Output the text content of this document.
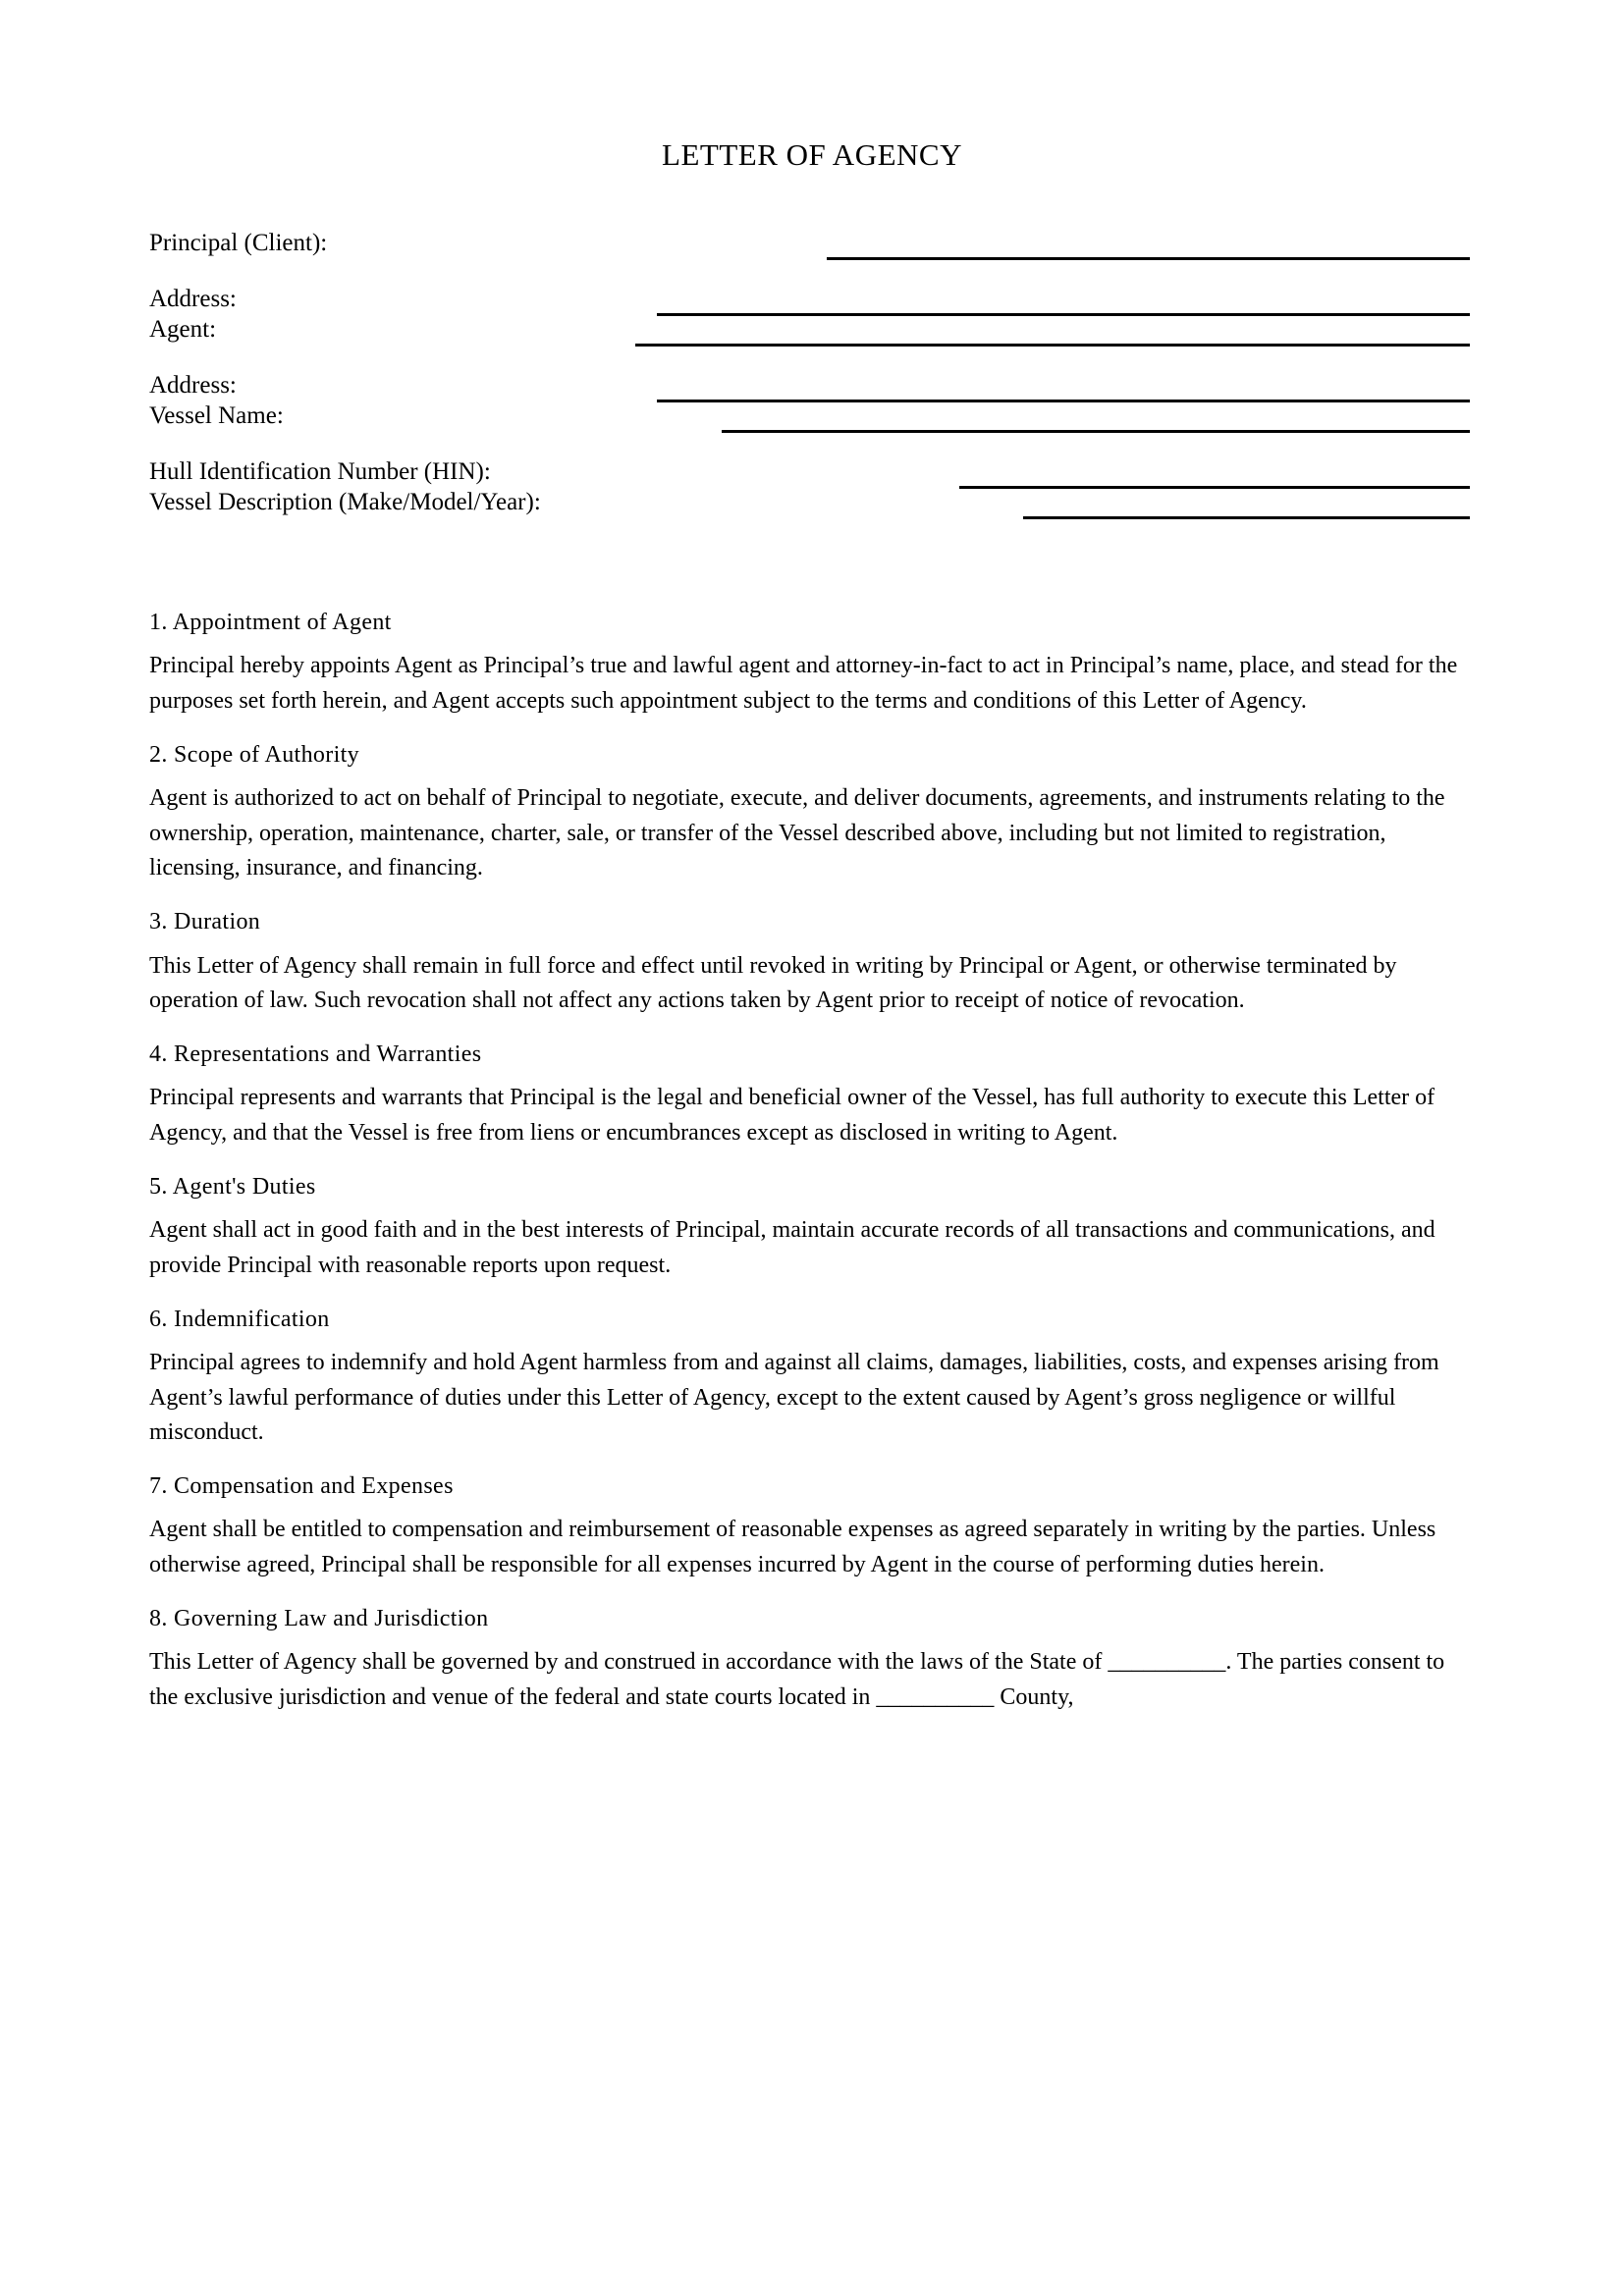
LETTER OF AGENCY
Principal (Client):
Address:
Agent:
Address:
Vessel Name:
Hull Identification Number (HIN):
Vessel Description (Make/Model/Year):
1. Appointment of Agent

Principal hereby appoints Agent as Principal’s true and lawful agent and attorney-in-fact to act in Principal’s name, place, and stead for the purposes set forth herein, and Agent accepts such appointment subject to the terms and conditions of this Letter of Agency.

2. Scope of Authority

Agent is authorized to act on behalf of Principal to negotiate, execute, and deliver documents, agreements, and instruments relating to the ownership, operation, maintenance, charter, sale, or transfer of the Vessel described above, including but not limited to registration, licensing, insurance, and financing.

3. Duration

This Letter of Agency shall remain in full force and effect until revoked in writing by Principal or Agent, or otherwise terminated by operation of law. Such revocation shall not affect any actions taken by Agent prior to receipt of notice of revocation.

4. Representations and Warranties

Principal represents and warrants that Principal is the legal and beneficial owner of the Vessel, has full authority to execute this Letter of Agency, and that the Vessel is free from liens or encumbrances except as disclosed in writing to Agent.

5. Agent's Duties

Agent shall act in good faith and in the best interests of Principal, maintain accurate records of all transactions and communications, and provide Principal with reasonable reports upon request.

6. Indemnification

Principal agrees to indemnify and hold Agent harmless from and against all claims, damages, liabilities, costs, and expenses arising from Agent’s lawful performance of duties under this Letter of Agency, except to the extent caused by Agent’s gross negligence or willful misconduct.

7. Compensation and Expenses

Agent shall be entitled to compensation and reimbursement of reasonable expenses as agreed separately in writing by the parties. Unless otherwise agreed, Principal shall be responsible for all expenses incurred by Agent in the course of performing duties herein.

8. Governing Law and Jurisdiction

This Letter of Agency shall be governed by and construed in accordance with the laws of the State of __________. The parties consent to the exclusive jurisdiction and venue of the federal and state courts located in __________ County,
